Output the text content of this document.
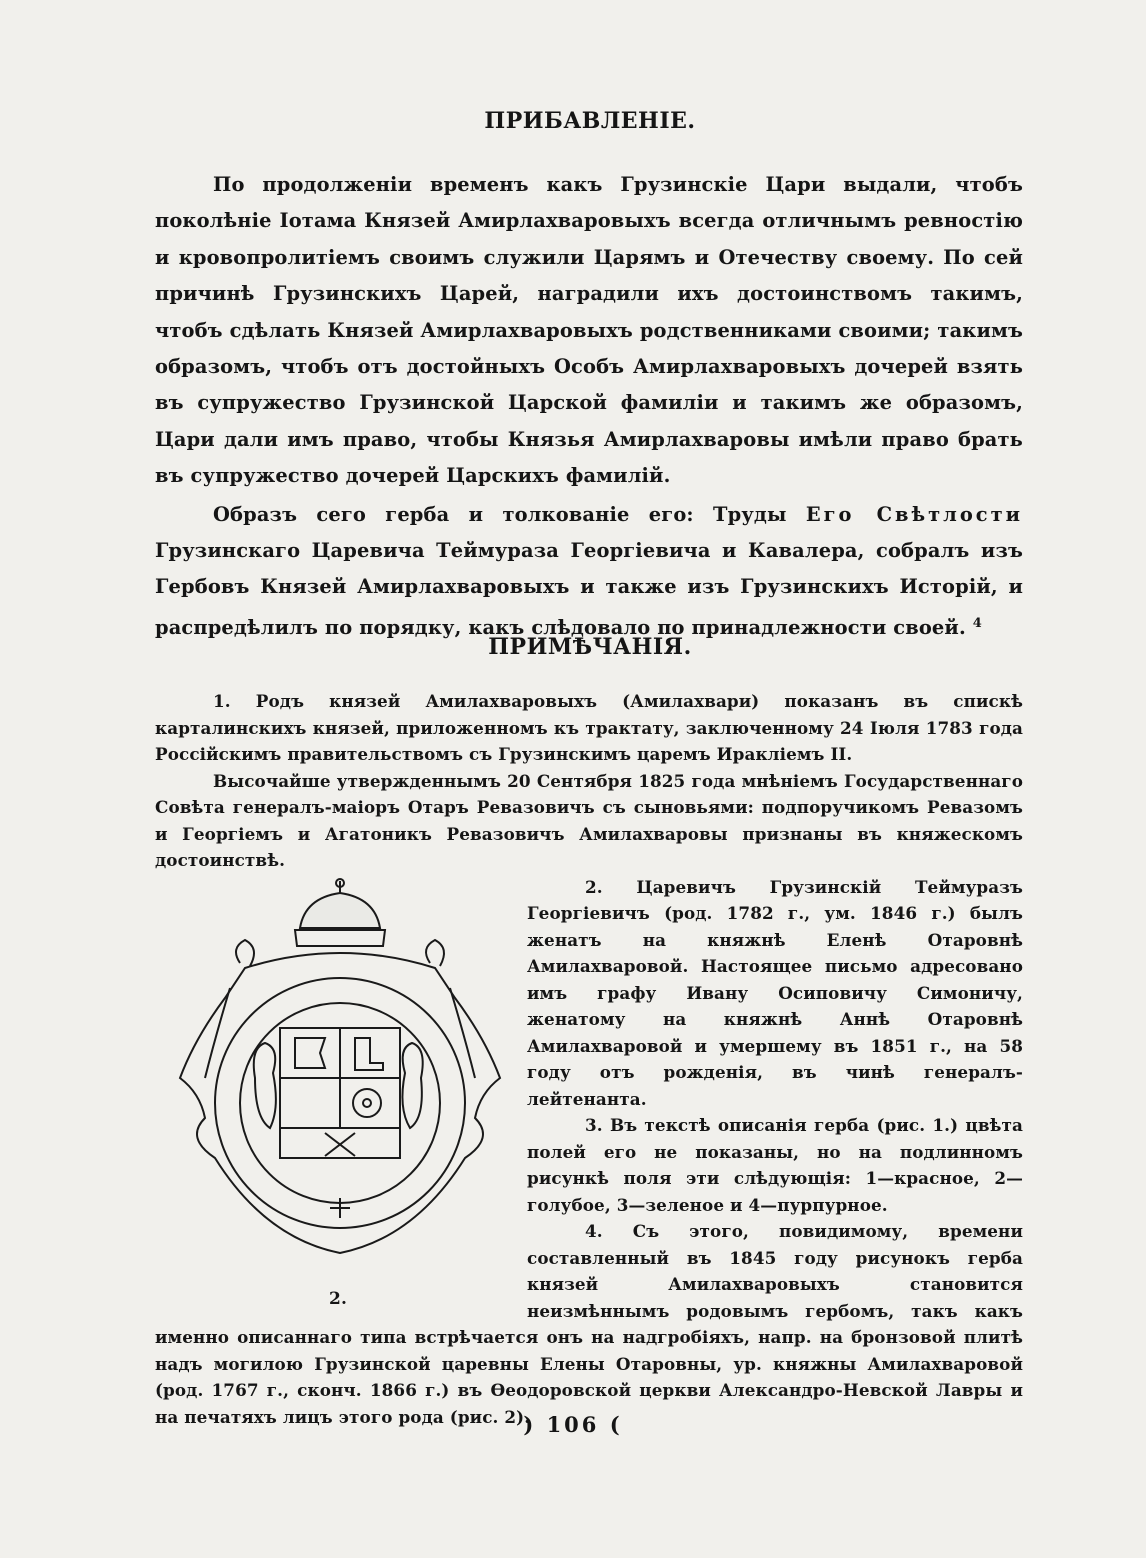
ПРИБАВЛЕНІЕ.

По продолженіи временъ какъ Грузинскіе Цари выдали, чтобъ поколѣніе Іотама Князей Амирлахваровыхъ всегда отличнымъ ревностію и кровопролитіемъ своимъ служили Царямъ и Отечеству своему. По сей причинѣ Грузинскихъ Царей, наградили ихъ достоинствомъ такимъ, чтобъ сдѣлать Князей Амирлахваровыхъ родственниками своими; такимъ образомъ, чтобъ отъ достойныхъ Особъ Амирлахваровыхъ дочерей взять въ супружество Грузинской Царской фамиліи и такимъ же образомъ, Цари дали имъ право, чтобы Князья Амирлахваровы имѣли право брать въ супружество дочерей Царскихъ фамилій.

Образъ сего герба и толкованіе его: Труды Его Свѣтлости Грузинскаго Царевича Теймураза Георгіевича и Кавалера, собралъ изъ Гербовъ Князей Амирлахваровыхъ и также изъ Грузинскихъ Исторій, и распредѣлилъ по порядку, какъ слѣдовало по принадлежности своей. $^4$

ПРИМѢЧАНІЯ.

1. Родъ князей Амилахваровыхъ (Амилахвари) показанъ въ спискѣ карталинскихъ князей, приложенномъ къ трактату, заключенному 24 Іюля 1783 года Россійскимъ правительствомъ съ Грузинскимъ царемъ Иракліемъ II.

Высочайше утвержденнымъ 20 Сентября 1825 года мнѣніемъ Государственнаго Совѣта генералъ-маіоръ Отаръ Ревазовичъ съ сыновьями: подпоручикомъ Ревазомъ и Георгіемъ и Агатоникъ Ревазовичъ Амилахваровы признаны въ княжескомъ достоинствѣ.

2.

2. Царевичъ Грузинскій Теймуразъ Георгіевичъ (род. 1782 г., ум. 1846 г.) былъ женатъ на княжнѣ Еленѣ Отаровнѣ Амилахваровой. Настоящее письмо адресовано имъ графу Ивану Осиповичу Симоничу, женатому на княжнѣ Аннѣ Отаровнѣ Амилахваровой и умершему въ 1851 г., на 58 году отъ рожденія, въ чинѣ генералъ-лейтенанта.

3. Въ текстѣ описанія герба (рис. 1.) цвѣта полей его не показаны, но на подлинномъ рисункѣ поля эти слѣдующія: 1—красное, 2—голубое, 3—зеленое и 4—пурпурное.

4. Съ этого, повидимому, времени составленный въ 1845 году рисунокъ герба князей Амилахваровыхъ становится неизмѣннымъ родовымъ гербомъ, такъ какъ именно описаннаго типа встрѣчается онъ на надгробіяхъ, напр. на бронзовой плитѣ надъ могилою Грузинской царевны Елены Отаровны, ур. княжны Амилахваровой (род. 1767 г., сконч. 1866 г.) въ Ѳеодоровской церкви Александро-Невской Лавры и на печатяхъ лицъ этого рода (рис. 2).

) 106 (
